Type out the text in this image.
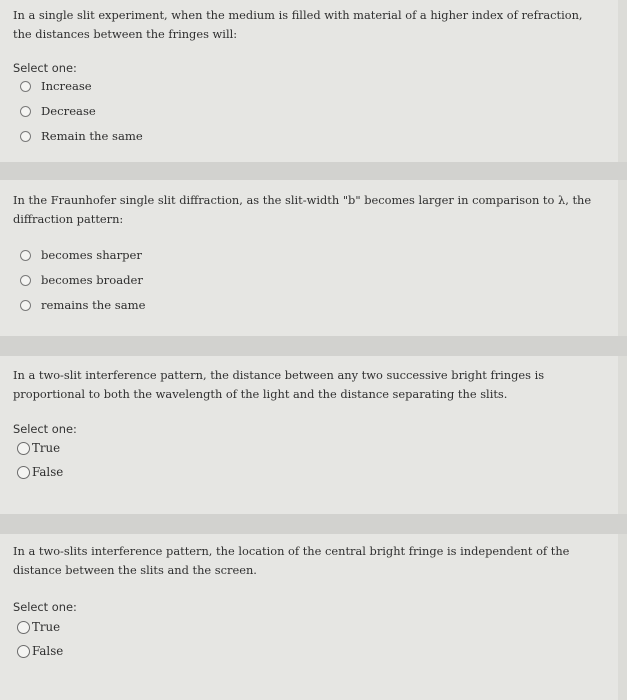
In a single slit experiment, when the medium is filled with material of a higher index of refraction, the distances between the fringes will:
Select one:
Increase
Decrease
Remain the same
In the Fraunhofer single slit diffraction, as the slit-width "b" becomes larger in comparison to λ, the diffraction pattern:
becomes sharper
becomes broader
remains the same
In a two-slit interference pattern, the distance between any two successive bright fringes is proportional to both the wavelength of the light and the distance separating the slits.
Select one:
True
False
In a two-slits interference pattern, the location of the central bright fringe is independent of the distance between the slits and the screen.
Select one:
True
False
